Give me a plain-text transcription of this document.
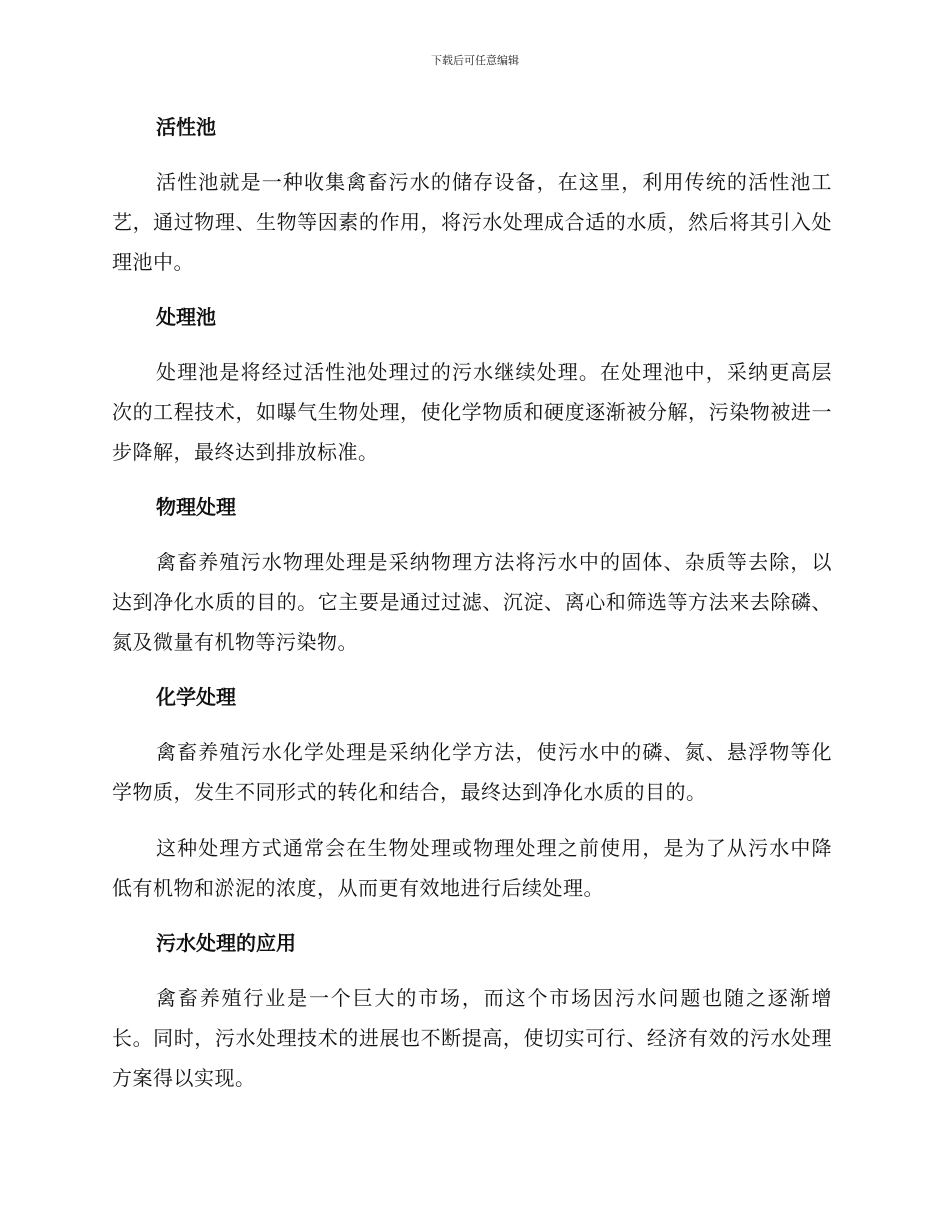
下载后可任意编辑
活性池
活性池就是一种收集禽畜污水的储存设备，在这里，利用传统的活性池工艺，通过物理、生物等因素的作用，将污水处理成合适的水质，然后将其引入处理池中。
处理池
处理池是将经过活性池处理过的污水继续处理。在处理池中，采纳更高层次的工程技术，如曝气生物处理，使化学物质和硬度逐渐被分解，污染物被进一步降解，最终达到排放标准。
物理处理
禽畜养殖污水物理处理是采纳物理方法将污水中的固体、杂质等去除，以达到净化水质的目的。它主要是通过过滤、沉淀、离心和筛选等方法来去除磷、氮及微量有机物等污染物。
化学处理
禽畜养殖污水化学处理是采纳化学方法，使污水中的磷、氮、悬浮物等化学物质，发生不同形式的转化和结合，最终达到净化水质的目的。
这种处理方式通常会在生物处理或物理处理之前使用，是为了从污水中降低有机物和淤泥的浓度，从而更有效地进行后续处理。
污水处理的应用
禽畜养殖行业是一个巨大的市场，而这个市场因污水问题也随之逐渐增长。同时，污水处理技术的进展也不断提高，使切实可行、经济有效的污水处理方案得以实现。
